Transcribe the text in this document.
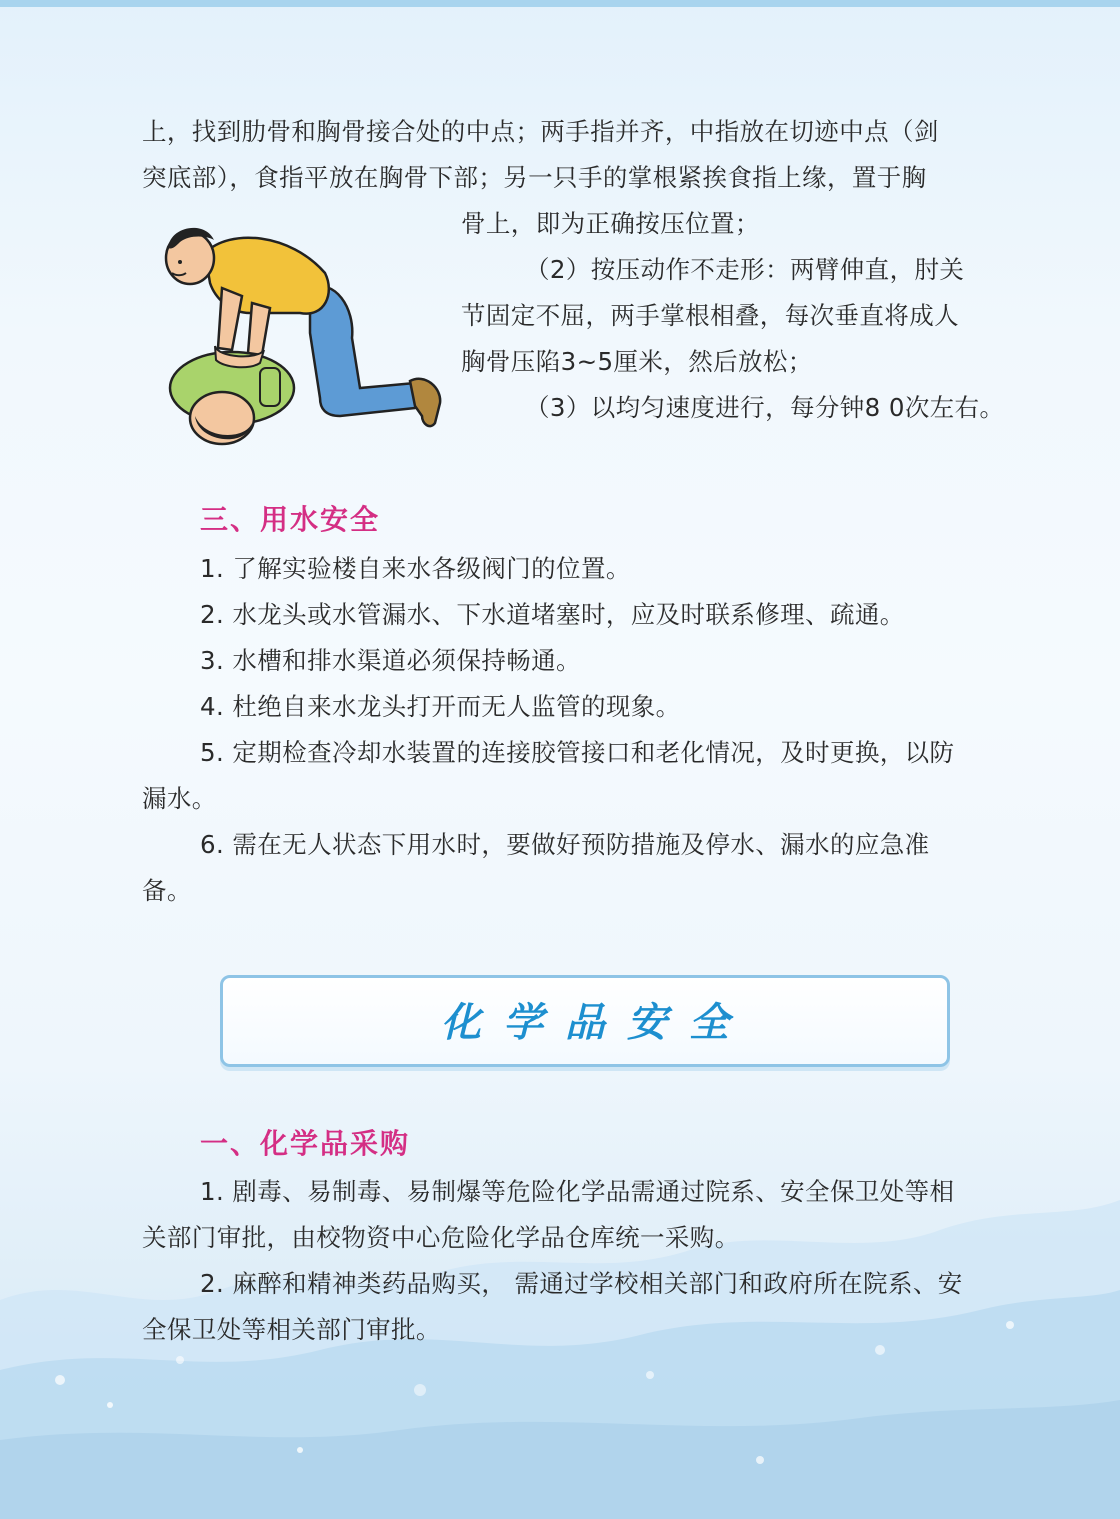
上，找到肋骨和胸骨接合处的中点；两手指并齐，中指放在切迹中点（剑
突底部），食指平放在胸骨下部；另一只手的掌根紧挨食指上缘，置于胸
骨上，即为正确按压位置；
（2）按压动作不走形：两臂伸直，肘关
节固定不屈，两手掌根相叠，每次垂直将成人
胸骨压陷3~5厘米，然后放松；
（3）以均匀速度进行，每分钟8 0次左右。
三、用水安全
1. 了解实验楼自来水各级阀门的位置。
2. 水龙头或水管漏水、下水道堵塞时，应及时联系修理、疏通。
3. 水槽和排水渠道必须保持畅通。
4. 杜绝自来水龙头打开而无人监管的现象。
5. 定期检查冷却水装置的连接胶管接口和老化情况，及时更换，以防
漏水。
6. 需在无人状态下用水时，要做好预防措施及停水、漏水的应急准
备。
化学品安全
一、化学品采购
1. 剧毒、易制毒、易制爆等危险化学品需通过院系、安全保卫处等相
关部门审批，由校物资中心危险化学品仓库统一采购。
2. 麻醉和精神类药品购买， 需通过学校相关部门和政府所在院系、安
全保卫处等相关部门审批。
